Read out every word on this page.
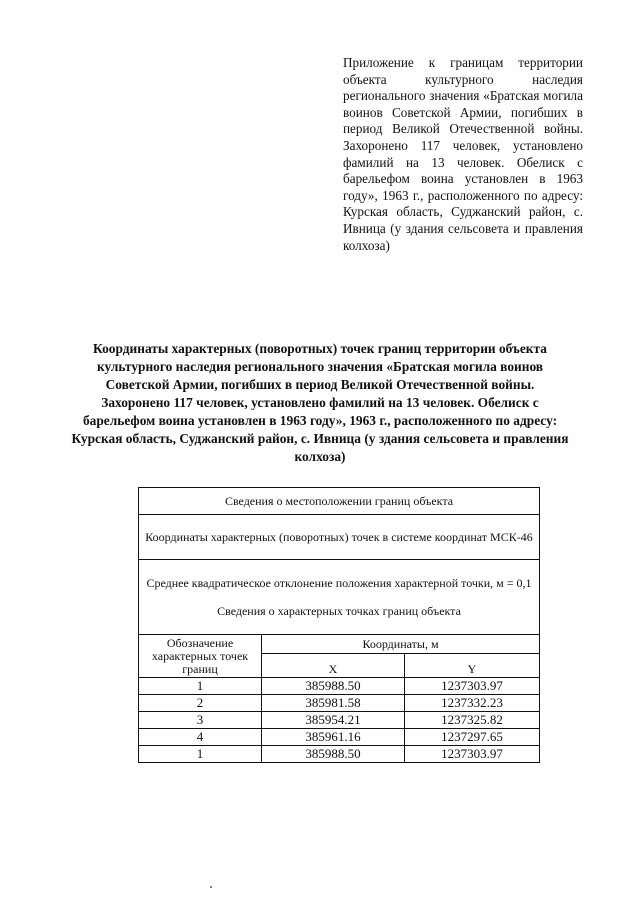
Приложение к границам территории объекта культурного наследия регионального значения «Братская могила воинов Советской Армии, погибших в период Великой Отечественной войны. Захоронено 117 человек, установлено фамилий на 13 человек. Обелиск с барельефом воина установлен в 1963 году», 1963 г., расположенного по адресу: Курская область, Суджанский район, с. Ивница (у здания сельсовета и правления колхоза)
Координаты характерных (поворотных) точек границ территории объекта культурного наследия регионального значения «Братская могила воинов Советской Армии, погибших в период Великой Отечественной войны. Захоронено 117 человек, установлено фамилий на 13 человек. Обелиск с барельефом воина установлен в 1963 году», 1963 г., расположенного по адресу: Курская область, Суджанский район, с. Ивница (у здания сельсовета и правления колхоза)
Сведения о местоположении границ объекта		
Координаты характерных (поворотных) точек в системе координат МСК-46		
Среднее квадратическое отклонение положения характерной точки, м = 0,1
Сведения о характерных точках границ объекта		
Обозначение характерных точек границ	Координаты, м	
	X	Y
1	385988.50	1237303.97
2	385981.58	1237332.23
3	385954.21	1237325.82
4	385961.16	1237297.65
1	385988.50	1237303.97
